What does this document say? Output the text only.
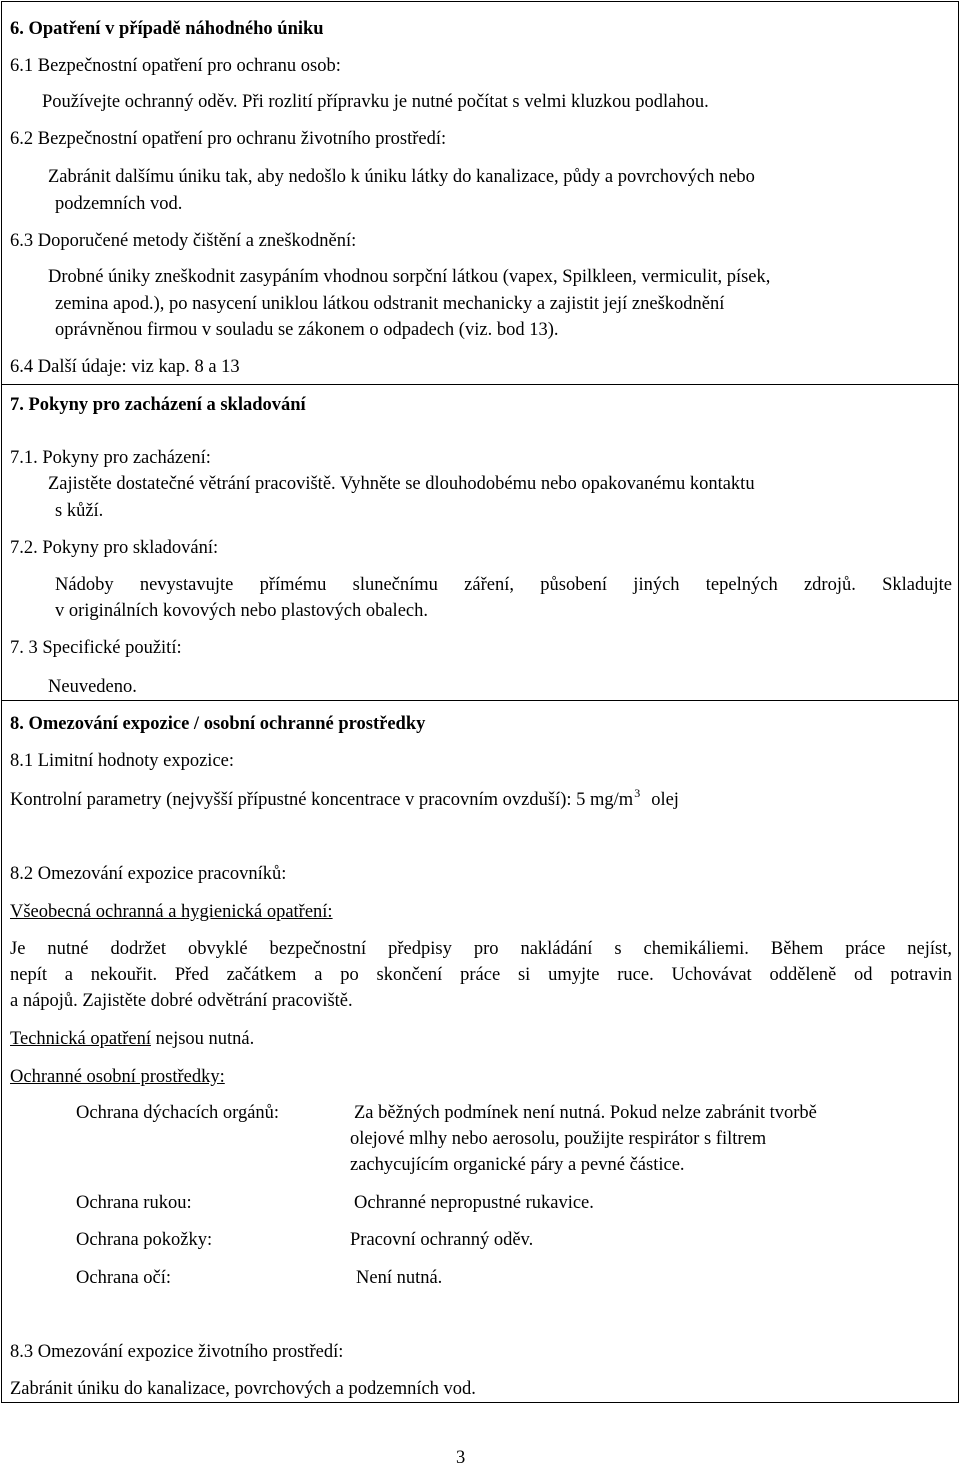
6. Opatření v případě náhodného úniku
6.1 Bezpečnostní opatření pro ochranu osob:
Používejte ochranný oděv. Při rozlití přípravku je nutné počítat s velmi kluzkou podlahou.
6.2 Bezpečnostní opatření pro ochranu životního prostředí:
Zabránit dalšímu úniku tak, aby nedošlo k úniku látky do kanalizace, půdy a povrchových nebo
podzemních vod.
6.3 Doporučené metody čištění a zneškodnění:
Drobné úniky zneškodnit zasypáním vhodnou sorpční látkou (vapex, Spilkleen, vermiculit, písek,
zemina apod.), po nasycení uniklou látkou odstranit mechanicky a zajistit její zneškodnění
oprávněnou firmou v souladu se zákonem o odpadech (viz. bod 13).
6.4 Další údaje: viz kap. 8 a 13
7. Pokyny pro zacházení a skladování
7.1. Pokyny pro zacházení:
Zajistěte dostatečné větrání pracoviště. Vyhněte se dlouhodobému nebo opakovanému kontaktu
s kůží.
7.2. Pokyny pro skladování:
Nádoby nevystavujte přímému slunečnímu záření, působení jiných tepelných zdrojů. Skladujte
v originálních kovových nebo plastových obalech.
7. 3 Specifické použití:
Neuvedeno.
8. Omezování expozice / osobní ochranné prostředky
8.1 Limitní hodnoty expozice:
Kontrolní parametry (nejvyšší přípustné koncentrace v pracovním ovzduší): 5 $mg/m^3$ olej
8.2 Omezování expozice pracovníků:
Všeobecná ochranná a hygienická opatření:
Je nutné dodržet obvyklé bezpečnostní předpisy pro nakládání s chemikáliemi. Během práce nejíst,
nepít a nekouřit. Před začátkem a po skončení práce si umyjte ruce. Uchovávat odděleně od potravin
a nápojů. Zajistěte dobré odvětrání pracoviště.
Technická opatření nejsou nutná.
Ochranné osobní prostředky:
Ochrana dýchacích orgánů:	Za běžných podmínek není nutná. Pokud nelze zabránit tvorbě
olejové mlhy nebo aerosolu, použijte respirátor s filtrem
zachycujícím organické páry a pevné částice.
Ochrana rukou:	Ochranné nepropustné rukavice.
Ochrana pokožky:	Pracovní ochranný oděv.
Ochrana očí:	Není nutná.
8.3 Omezování expozice životního prostředí:
Zabránit úniku do kanalizace, povrchových a podzemních vod.
3
